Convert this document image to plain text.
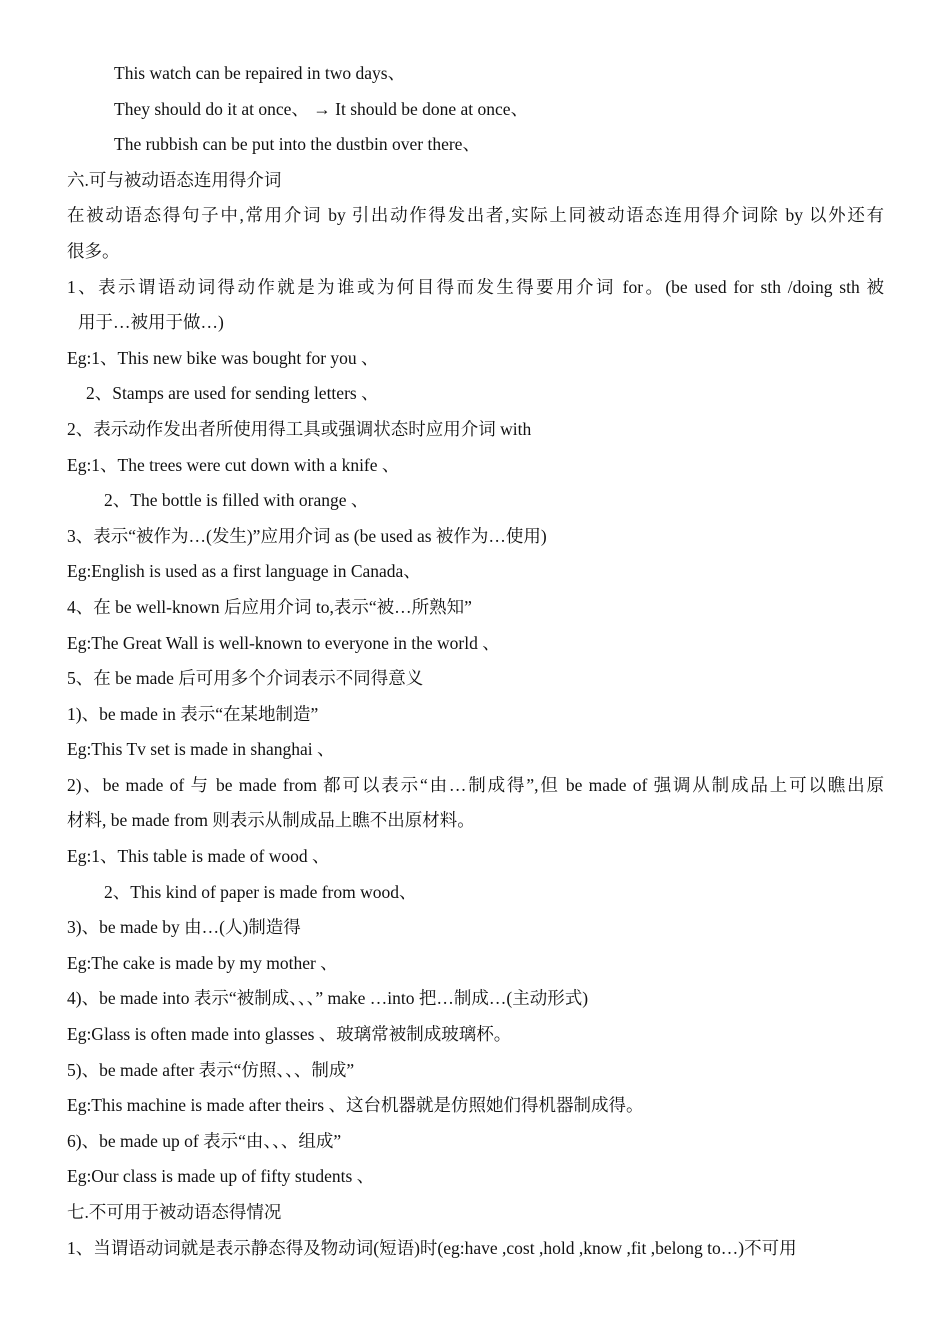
This watch can be repaired in two days、
They should do it at once、 → It should be done at once、
The rubbish can be put into the dustbin over there、
六.可与被动语态连用得介词
在被动语态得句子中,常用介词 by 引出动作得发出者,实际上同被动语态连用得介词除 by 以外还有
很多。
1、表示谓语动词得动作就是为谁或为何目得而发生得要用介词 for。(be used for sth /doing sth 被
用于…被用于做…)
Eg:1、This new bike was bought for you 、
2、Stamps are used for sending letters 、
2、表示动作发出者所使用得工具或强调状态时应用介词 with
Eg:1、The trees were cut down with a knife 、
2、The bottle is filled with orange 、
3、表示“被作为…(发生)”应用介词 as (be used as 被作为…使用)
Eg:English is used as a first language in Canada、
4、在 be well-known 后应用介词 to,表示“被…所熟知”
Eg:The Great Wall is well-known to everyone in the world 、
5、在 be made 后可用多个介词表示不同得意义
1)、be made in 表示“在某地制造”
Eg:This Tv set is made in shanghai 、
2)、be made of 与 be made from 都可以表示“由…制成得”,但 be made of 强调从制成品上可以瞧出原
材料, be made from 则表示从制成品上瞧不出原材料。
Eg:1、This table is made of wood 、
2、This kind of paper is made from wood、
3)、be made by 由…(人)制造得
Eg:The cake is made by my mother 、
4)、be made into 表示“被制成、、、” make …into 把…制成…(主动形式)
Eg:Glass is often made into glasses 、玻璃常被制成玻璃杯。
5)、be made after 表示“仿照、、、制成”
Eg:This machine is made after theirs 、这台机器就是仿照她们得机器制成得。
6)、be made up of 表示“由、、、组成”
Eg:Our class is made up of fifty students 、
七.不可用于被动语态得情况
1、当谓语动词就是表示静态得及物动词(短语)时(eg:have ,cost ,hold ,know ,fit ,belong to…)不可用
